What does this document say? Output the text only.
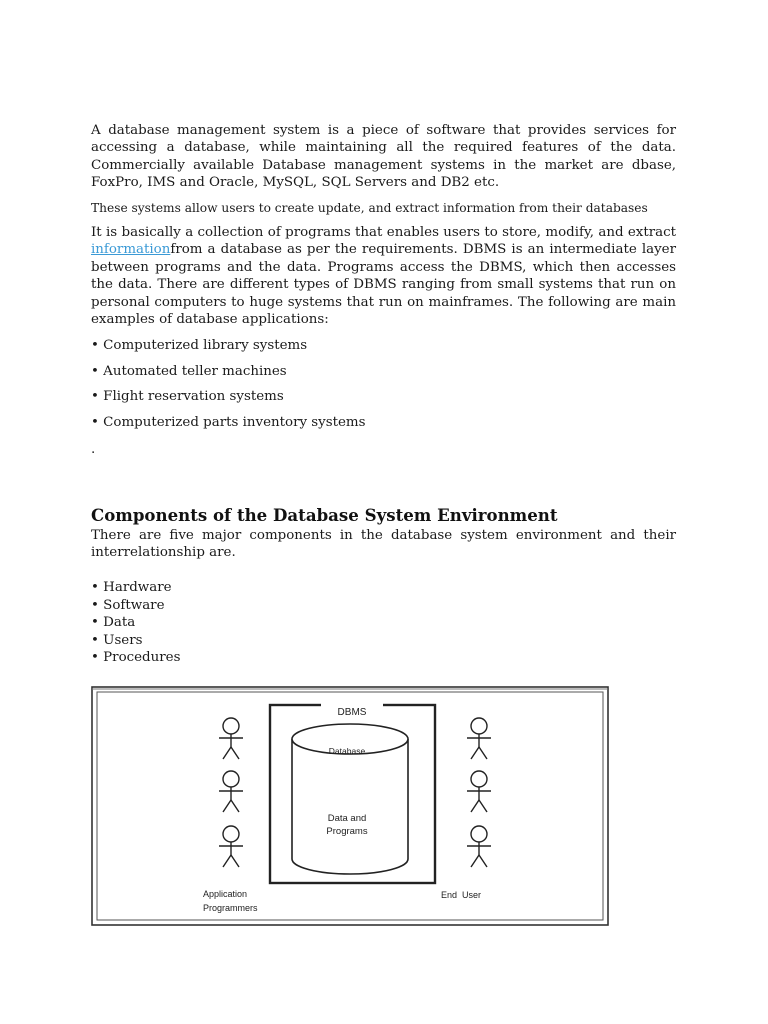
A database management system is a piece of software that provides services for accessing a database, while maintaining all the required features of the data. Commercially available Database management systems in the market are dbase, FoxPro, IMS and Oracle, MySQL, SQL Servers and DB2 etc.

These systems allow users to create update, and extract information from their databases

It is basically a collection of programs that enables users to store, modify, and extract informationfrom a database as per the requirements. DBMS is an intermediate layer between programs and the data. Programs access the DBMS, which then accesses the data. There are different types of DBMS ranging from small systems that run on personal computers to huge systems that run on mainframes. The following are main examples of database applications:

• Computerized library systems
• Automated teller machines
• Flight reservation systems
• Computerized parts inventory systems
.
Components of the Database System Environment

There are five major components in the database system environment and their interrelationship are.

• Hardware
• Software
• Data
• Users
• Procedures
DBMS
Database
Data and
Programs
Application
Programmers
End  User
